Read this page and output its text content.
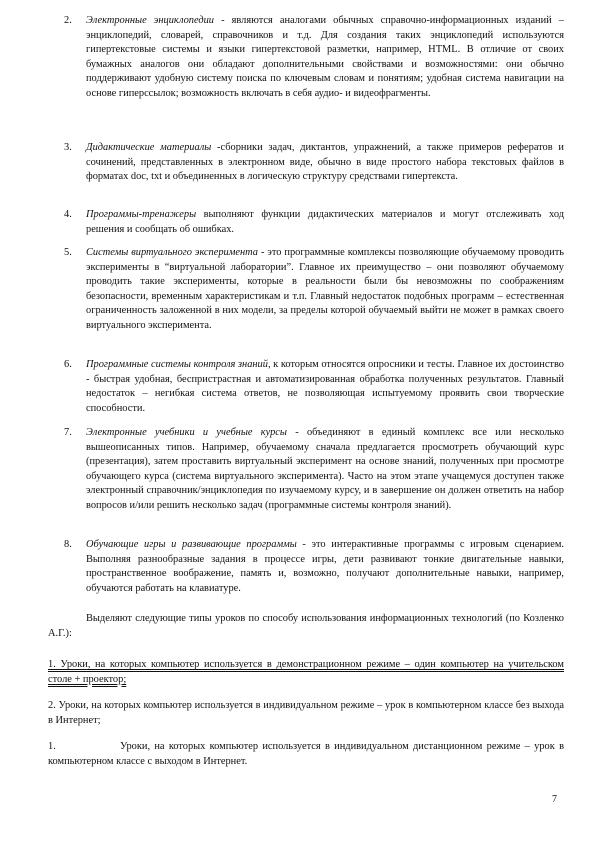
2.	Электронные энциклопедии - являются аналогами обычных справочно-информационных изданий – энциклопедий, словарей, справочников и т.д. Для создания таких энциклопедий используются гипертекстовые системы и языки гипертекстовой разметки, например, HTML. В отличие от своих бумажных аналогов они обладают дополнительными свойствами и возможностями: они обычно поддерживают удобную систему поиска по ключевым словам и понятиям; удобная система навигации на основе гиперссылок; возможность включать в себя аудио- и видеофрагменты.
3.	Дидактические материалы -сборники задач, диктантов, упражнений, а также примеров рефератов и сочинений, представленных в электронном виде, обычно в виде простого набора текстовых файлов в форматах doc, txt и объединенных в логическую структуру средствами гипертекста.
4.	Программы-тренажеры выполняют функции дидактических материалов и могут отслеживать ход решения и сообщать об ошибках.
5.	Системы виртуального эксперимента - это программные комплексы позволяющие обучаемому проводить эксперименты в “виртуальной лаборатории”. Главное их преимущество – они позволяют обучаемому проводить такие эксперименты, которые в реальности были бы невозможны по соображениям безопасности, временным характеристикам и т.п. Главный недостаток подобных программ – естественная ограниченность заложенной в них модели, за пределы которой обучаемый выйти не может в рамках своего виртуального эксперимента.
6.	Программные системы контроля знаний, к которым относятся опросники и тесты. Главное их достоинство - быстрая удобная, беспристрастная и автоматизированная обработка полученных результатов. Главный недостаток – негибкая система ответов, не позволяющая испытуемому проявить свои творческие способности.
7.	Электронные учебники и учебные курсы - объединяют в единый комплекс все или несколько вышеописанных типов. Например, обучаемому сначала предлагается просмотреть обучающий курс (презентация), затем проставить виртуальный эксперимент на основе знаний, полученных при просмотре обучающего курса (система виртуального эксперимента). Часто на этом этапе учащемуся доступен также электронный справочник/энциклопедия по изучаемому курсу, и в завершение он должен ответить на набор вопросов и/или решить несколько задач (программные системы контроля знаний).
8.	Обучающие игры и развивающие программы - это интерактивные программы с игровым сценарием. Выполняя разнообразные задания в процессе игры, дети развивают тонкие двигательные навыки, пространственное воображение, память и, возможно, получают дополнительные навыки, например, обучаются работать на клавиатуре.
Выделяют следующие типы уроков по способу использования информационных технологий (по Козленко А.Г.):
1. Уроки, на которых компьютер используется в демонстрационном режиме – один компьютер на учительском столе + проектор;
2. Уроки, на которых компьютер используется в индивидуальном режиме – урок в компьютерном классе без выхода в Интернет;
1.	Уроки, на которых компьютер используется в индивидуальном дистанционном режиме – урок в компьютерном классе с выходом в Интернет.
7
